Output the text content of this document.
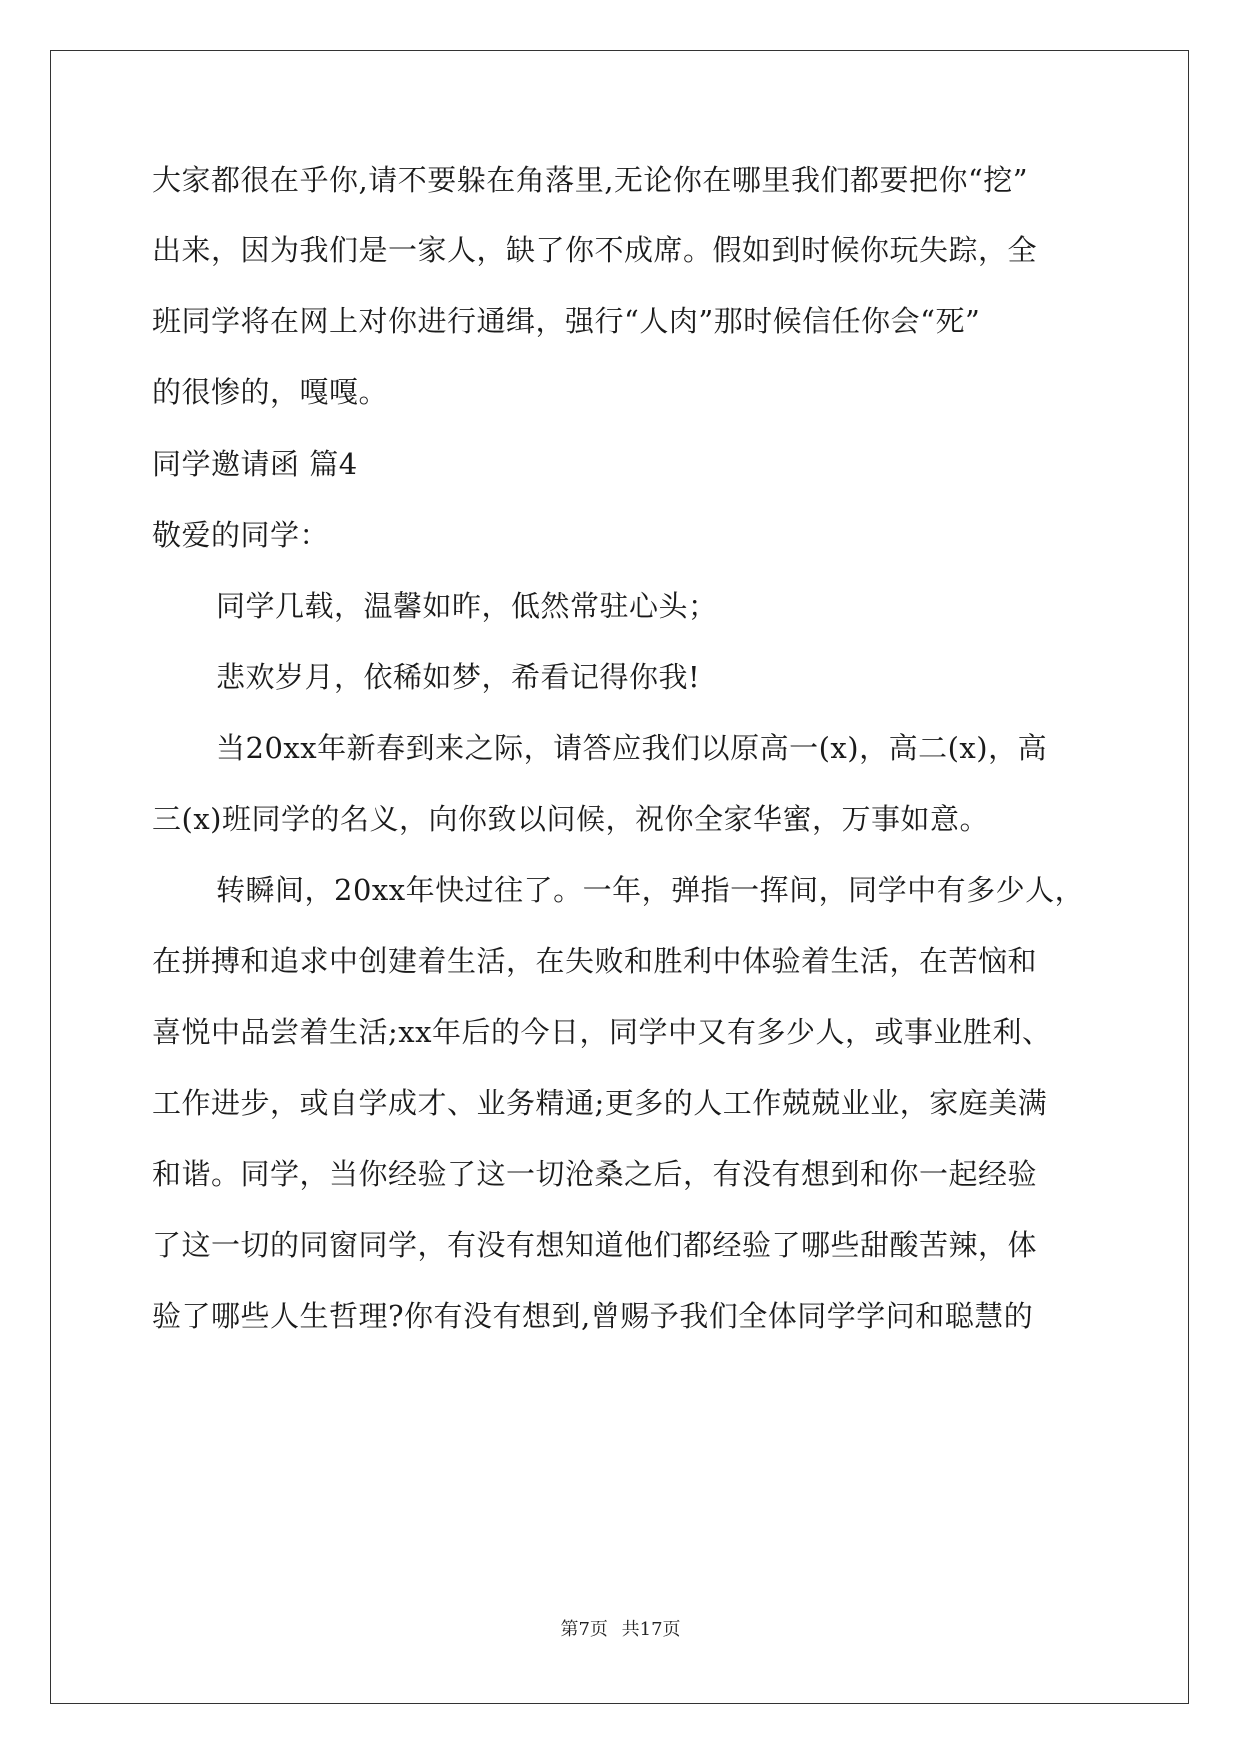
大家都很在乎你,请不要躲在角落里,无论你在哪里我们都要把你“挖”
出来，因为我们是一家人，缺了你不成席。假如到时候你玩失踪，全
班同学将在网上对你进行通缉，强行“人肉”那时候信任你会“死”
的很惨的，嘎嘎。
同学邀请函 篇4
敬爱的同学：
同学几载，温馨如昨，低然常驻心头；
悲欢岁月，依稀如梦，希看记得你我!
当20xx年新春到来之际，请答应我们以原高一(x)，高二(x)，高
三(x)班同学的名义，向你致以问候，祝你全家华蜜，万事如意。
转瞬间，20xx年快过往了。一年，弹指一挥间，同学中有多少人，
在拼搏和追求中创建着生活，在失败和胜利中体验着生活，在苦恼和
喜悦中品尝着生活;xx年后的今日，同学中又有多少人，或事业胜利、
工作进步，或自学成才、业务精通;更多的人工作兢兢业业，家庭美满
和谐。同学，当你经验了这一切沧桑之后，有没有想到和你一起经验
了这一切的同窗同学，有没有想知道他们都经验了哪些甜酸苦辣，体
验了哪些人生哲理?你有没有想到,曾赐予我们全体同学学问和聪慧的
第7页 共17页
